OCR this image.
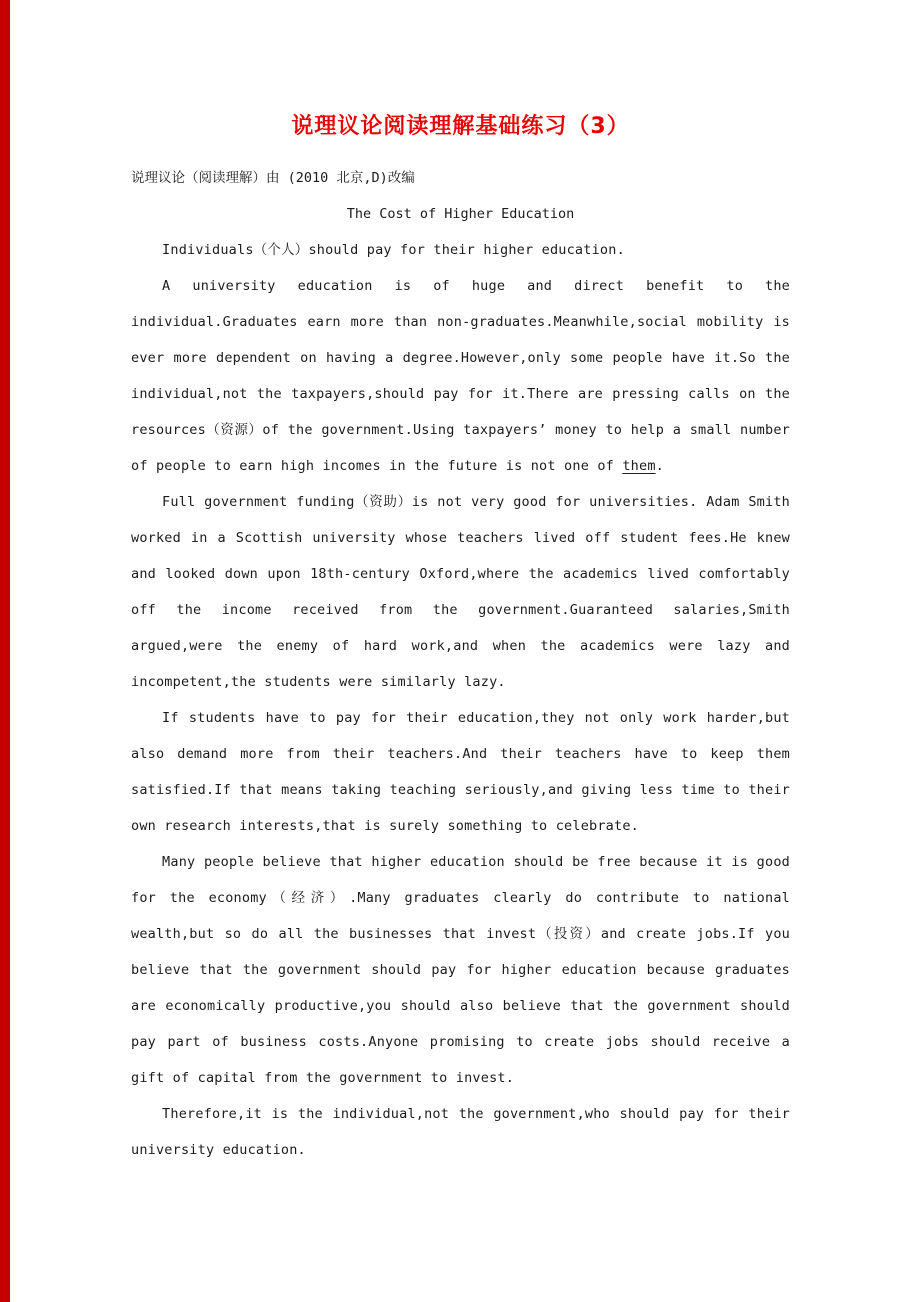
说理议论阅读理解基础练习（3）

说理议论（阅读理解）由 (2010 北京,D)改编

The Cost of Higher Education

Individuals（个人）should pay for their higher education.

A university education is of huge and direct benefit to the individual.Graduates earn more than non-graduates.Meanwhile,social mobility is ever more dependent on having a degree.However,only some people have it.So the individual,not the taxpayers,should pay for it.There are pressing calls on the resources（资源）of the government.Using taxpayers’ money to help a small number of people to earn high incomes in the future is not one of them.

Full government funding（资助）is not very good for universities. Adam Smith worked in a Scottish university whose teachers lived off student fees.He knew and looked down upon 18th-century Oxford,where the academics lived comfortably off the income received from the government.Guaranteed salaries,Smith argued,were the enemy of hard work,and when the academics were lazy and incompetent,the students were similarly lazy.

If students have to pay for their education,they not only work harder,but also demand more from their teachers.And their teachers have to keep them satisfied.If that means taking teaching seriously,and giving less time to their own research interests,that is surely something to celebrate.

Many people believe that higher education should be free because it is good for the economy（经济）.Many graduates clearly do contribute to national wealth,but so do all the businesses that invest（投资）and create jobs.If you believe that the government should pay for higher education because graduates are economically productive,you should also believe that the government should pay part of business costs.Anyone promising to create jobs should receive a gift of capital from the government to invest.

Therefore,it is the individual,not the government,who should pay for their university education.
